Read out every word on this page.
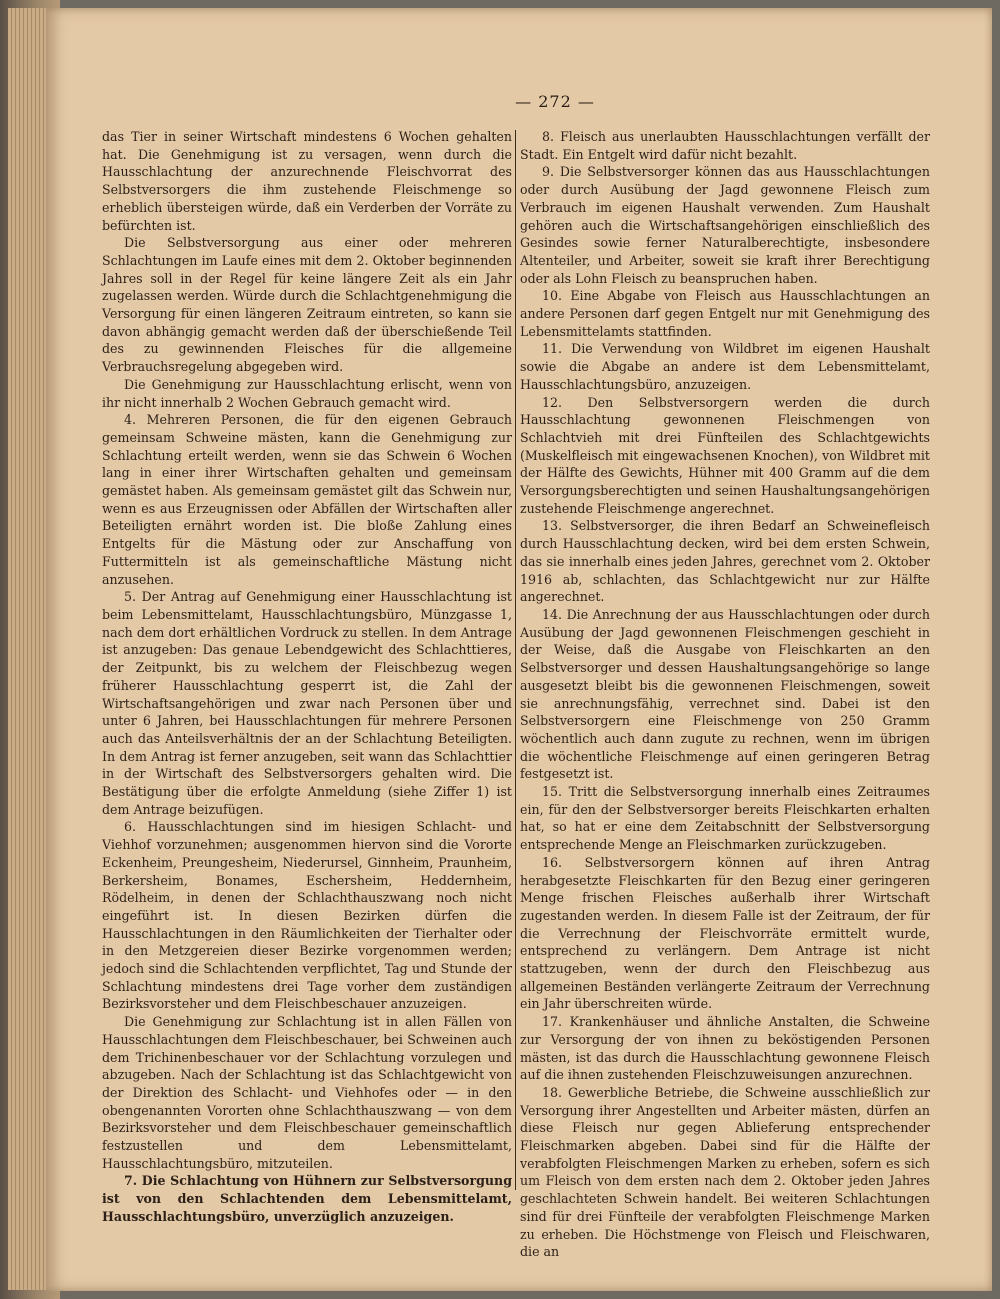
— 272 —

das Tier in seiner Wirtschaft mindestens 6 Wochen gehalten hat. Die Genehmigung ist zu versagen, wenn durch die Hausschlachtung der anzurechnende Fleischvorrat des Selbstversorgers die ihm zustehende Fleischmenge so erheblich übersteigen würde, daß ein Verderben der Vorräte zu befürchten ist.

Die Selbstversorgung aus einer oder mehreren Schlachtungen im Laufe eines mit dem 2. Oktober beginnenden Jahres soll in der Regel für keine längere Zeit als ein Jahr zugelassen werden. Würde durch die Schlachtgenehmigung die Versorgung für einen längeren Zeitraum eintreten, so kann sie davon abhängig gemacht werden daß der überschießende Teil des zu gewinnenden Fleisches für die allgemeine Verbrauchsregelung abgegeben wird.

Die Genehmigung zur Hausschlachtung erlischt, wenn von ihr nicht innerhalb 2 Wochen Gebrauch gemacht wird.

4. Mehreren Personen, die für den eigenen Gebrauch gemeinsam Schweine mästen, kann die Genehmigung zur Schlachtung erteilt werden, wenn sie das Schwein 6 Wochen lang in einer ihrer Wirtschaften gehalten und gemeinsam gemästet haben. Als gemeinsam gemästet gilt das Schwein nur, wenn es aus Erzeugnissen oder Abfällen der Wirtschaften aller Beteiligten ernährt worden ist. Die bloße Zahlung eines Entgelts für die Mästung oder zur Anschaffung von Futtermitteln ist als gemeinschaftliche Mästung nicht anzusehen.

5. Der Antrag auf Genehmigung einer Hausschlachtung ist beim Lebensmittelamt, Hausschlachtungsbüro, Münzgasse 1, nach dem dort erhältlichen Vordruck zu stellen. In dem Antrage ist anzugeben: Das genaue Lebendgewicht des Schlachttieres, der Zeitpunkt, bis zu welchem der Fleischbezug wegen früherer Hausschlachtung gesperrt ist, die Zahl der Wirtschaftsangehörigen und zwar nach Personen über und unter 6 Jahren, bei Hausschlachtungen für mehrere Personen auch das Anteilsverhältnis der an der Schlachtung Beteiligten. In dem Antrag ist ferner anzugeben, seit wann das Schlachttier in der Wirtschaft des Selbstversorgers gehalten wird. Die Bestätigung über die erfolgte Anmeldung (siehe Ziffer 1) ist dem Antrage beizufügen.

6. Hausschlachtungen sind im hiesigen Schlacht- und Viehhof vorzunehmen; ausgenommen hiervon sind die Vororte Eckenheim, Preungesheim, Niederursel, Ginnheim, Praunheim, Berkersheim, Bonames, Eschersheim, Heddernheim, Rödelheim, in denen der Schlachthauszwang noch nicht eingeführt ist. In diesen Bezirken dürfen die Hausschlachtungen in den Räumlichkeiten der Tierhalter oder in den Metzgereien dieser Bezirke vorgenommen werden; jedoch sind die Schlachtenden verpflichtet, Tag und Stunde der Schlachtung mindestens drei Tage vorher dem zuständigen Bezirksvorsteher und dem Fleischbeschauer anzuzeigen.

Die Genehmigung zur Schlachtung ist in allen Fällen von Hausschlachtungen dem Fleischbeschauer, bei Schweinen auch dem Trichinenbeschauer vor der Schlachtung vorzulegen und abzugeben. Nach der Schlachtung ist das Schlachtgewicht von der Direktion des Schlacht- und Viehhofes oder — in den obengenannten Vororten ohne Schlachthauszwang — von dem Bezirksvorsteher und dem Fleischbeschauer gemeinschaftlich festzustellen und dem Lebensmittelamt, Hausschlachtungsbüro, mitzuteilen.

7. Die Schlachtung von Hühnern zur Selbstversorgung ist von den Schlachtenden dem Lebensmittelamt, Hausschlachtungsbüro, unverzüglich anzuzeigen.

8. Fleisch aus unerlaubten Hausschlachtungen verfällt der Stadt. Ein Entgelt wird dafür nicht bezahlt.

9. Die Selbstversorger können das aus Hausschlachtungen oder durch Ausübung der Jagd gewonnene Fleisch zum Verbrauch im eigenen Haushalt verwenden. Zum Haushalt gehören auch die Wirtschaftsangehörigen einschließlich des Gesindes sowie ferner Naturalberechtigte, insbesondere Altenteiler, und Arbeiter, soweit sie kraft ihrer Berechtigung oder als Lohn Fleisch zu beanspruchen haben.

10. Eine Abgabe von Fleisch aus Hausschlachtungen an andere Personen darf gegen Entgelt nur mit Genehmigung des Lebensmittelamts stattfinden.

11. Die Verwendung von Wildbret im eigenen Haushalt sowie die Abgabe an andere ist dem Lebensmittelamt, Hausschlachtungsbüro, anzuzeigen.

12. Den Selbstversorgern werden die durch Hausschlachtung gewonnenen Fleischmengen von Schlachtvieh mit drei Fünfteilen des Schlachtgewichts (Muskelfleisch mit eingewachsenen Knochen), von Wildbret mit der Hälfte des Gewichts, Hühner mit 400 Gramm auf die dem Versorgungsberechtigten und seinen Haushaltungsangehörigen zustehende Fleischmenge angerechnet.

13. Selbstversorger, die ihren Bedarf an Schweinefleisch durch Hausschlachtung decken, wird bei dem ersten Schwein, das sie innerhalb eines jeden Jahres, gerechnet vom 2. Oktober 1916 ab, schlachten, das Schlachtgewicht nur zur Hälfte angerechnet.

14. Die Anrechnung der aus Hausschlachtungen oder durch Ausübung der Jagd gewonnenen Fleischmengen geschieht in der Weise, daß die Ausgabe von Fleischkarten an den Selbstversorger und dessen Haushaltungsangehörige so lange ausgesetzt bleibt bis die gewonnenen Fleischmengen, soweit sie anrechnungsfähig, verrechnet sind. Dabei ist den Selbstversorgern eine Fleischmenge von 250 Gramm wöchentlich auch dann zugute zu rechnen, wenn im übrigen die wöchentliche Fleischmenge auf einen geringeren Betrag festgesetzt ist.

15. Tritt die Selbstversorgung innerhalb eines Zeitraumes ein, für den der Selbstversorger bereits Fleischkarten erhalten hat, so hat er eine dem Zeitabschnitt der Selbstversorgung entsprechende Menge an Fleischmarken zurückzugeben.

16. Selbstversorgern können auf ihren Antrag herabgesetzte Fleischkarten für den Bezug einer geringeren Menge frischen Fleisches außerhalb ihrer Wirtschaft zugestanden werden. In diesem Falle ist der Zeitraum, der für die Verrechnung der Fleischvorräte ermittelt wurde, entsprechend zu verlängern. Dem Antrage ist nicht stattzugeben, wenn der durch den Fleischbezug aus allgemeinen Beständen verlängerte Zeitraum der Verrechnung ein Jahr überschreiten würde.

17. Krankenhäuser und ähnliche Anstalten, die Schweine zur Versorgung der von ihnen zu beköstigenden Personen mästen, ist das durch die Hausschlachtung gewonnene Fleisch auf die ihnen zustehenden Fleischzuweisungen anzurechnen.

18. Gewerbliche Betriebe, die Schweine ausschließlich zur Versorgung ihrer Angestellten und Arbeiter mästen, dürfen an diese Fleisch nur gegen Ablieferung entsprechender Fleischmarken abgeben. Dabei sind für die Hälfte der verabfolgten Fleischmengen Marken zu erheben, sofern es sich um Fleisch von dem ersten nach dem 2. Oktober jeden Jahres geschlachteten Schwein handelt. Bei weiteren Schlachtungen sind für drei Fünfteile der verabfolgten Fleischmenge Marken zu erheben. Die Höchstmenge von Fleisch und Fleischwaren, die an
